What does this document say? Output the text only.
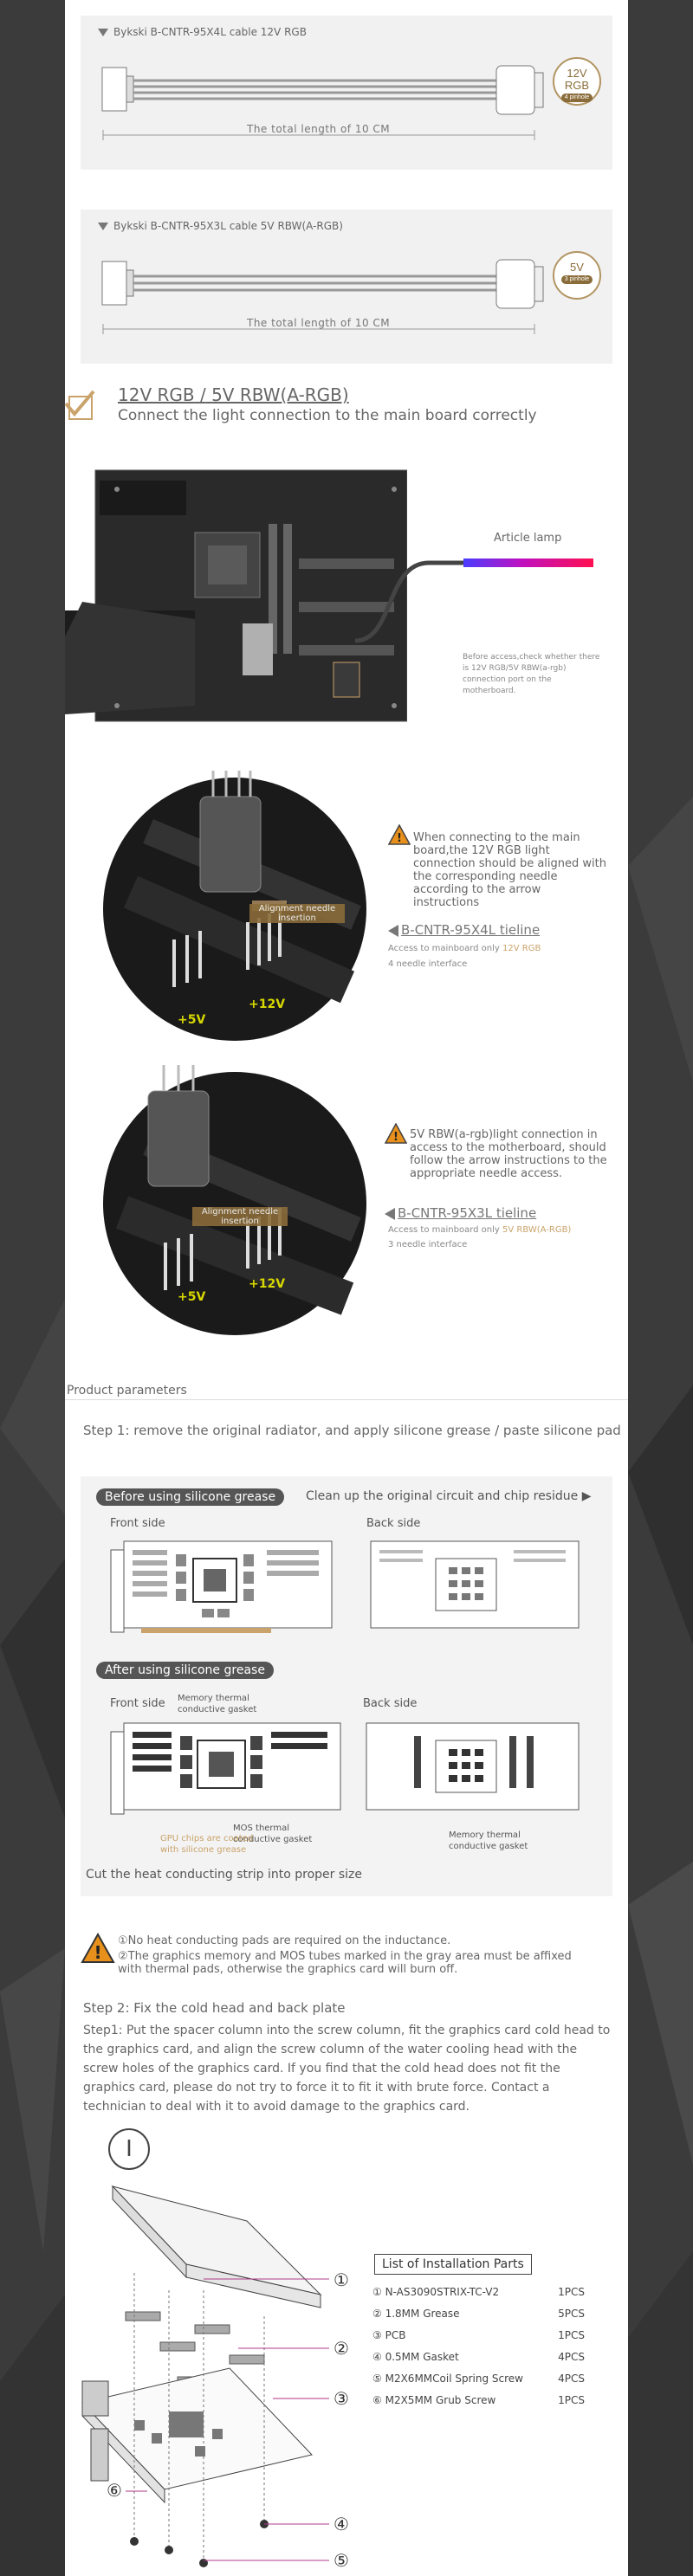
Bykski B-CNTR-95X4L cable 12V RGB
The total length of 10 CM
12V RGB
4 pinhole
Bykski B-CNTR-95X3L cable 5V RBW(A-RGB)
The total length of 10 CM
5V
3 pinhole
12V RGB / 5V RBW(A-RGB)
Connect the light connection to the main board correctly
Article lamp
Before access,check whether there is 12V RGB/5V RBW(a-rgb) connection port on the motherboard.
Alignment needle insertion
+12V
+5V
! When connecting to the main board,the 12V RGB light connection should be aligned with the corresponding needle according to the arrow instructions
B-CNTR-95X4L tieline
Access to mainboard only 12V RGB
4 needle interface
Alignment needle insertion
+5V
+12V
! 5V RBW(a-rgb)light connection in access to the motherboard, should follow the arrow instructions to the appropriate needle access.
B-CNTR-95X3L tieline
Access to mainboard only 5V RBW(A-RGB)
3 needle interface
Product parameters
Step 1: remove the original radiator, and apply silicone grease / paste silicone pad
Before using silicone grease	Clean up the original circuit and chip residue ▶
Front side	Back side
After using silicone grease
Front side	Back side
Memory thermal conductive gasket
MOS thermal conductive gasket
GPU chips are coated with silicone grease
Memory thermal conductive gasket
Cut the heat conducting strip into proper size
!
①No heat conducting pads are required on the inductance.
②The graphics memory and MOS tubes marked in the gray area must be affixed with thermal pads, otherwise the graphics card will burn off.
Step 2: Fix the cold head and back plate
Step1: Put the spacer column into the screw column, fit the graphics card cold head to the graphics card, and align the screw column of the water cooling head with the screw holes of the graphics card. If you find that the cold head does not fit the graphics card, please do not try to force it to fit it with brute force. Contact a technician to deal with it to avoid damage to the graphics card.
Ⅰ
①
②
③
④
⑤
⑥
List of Installation Parts
① N-AS3090STRIX-TC-V2	1PCS
② 1.8MM Grease	5PCS
③ PCB	1PCS
④ 0.5MM Gasket	4PCS
⑤ M2X6MMCoil Spring Screw	4PCS
⑥ M2X5MM Grub Screw	1PCS
